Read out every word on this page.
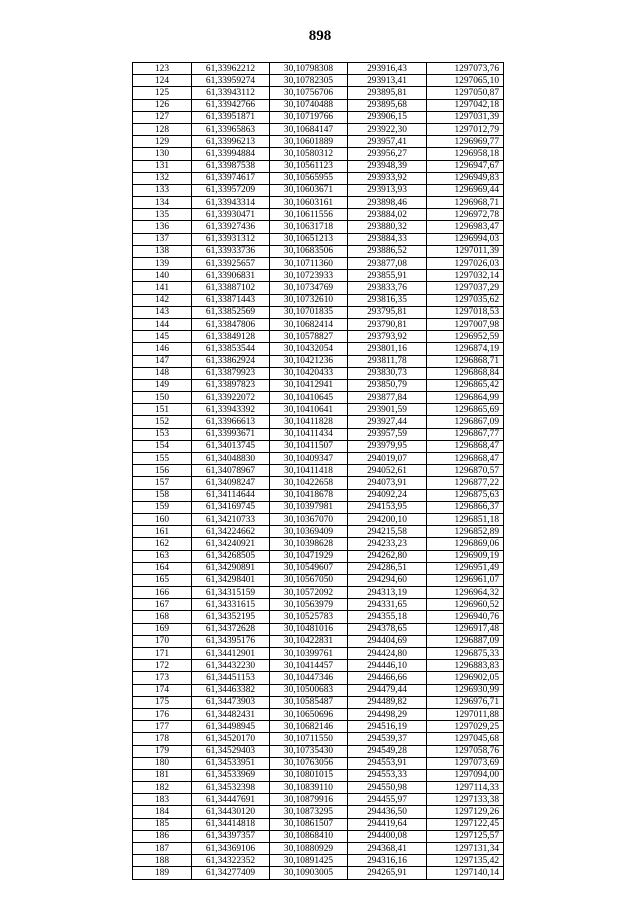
898
123	61,33962212	30,10798308	293916,43	1297073,76
124	61,33959274	30,10782305	293913,41	1297065,10
125	61,33943112	30,10756706	293895,81	1297050,87
126	61,33942766	30,10740488	293895,68	1297042,18
127	61,33951871	30,10719766	293906,15	1297031,39
128	61,33965863	30,10684147	293922,30	1297012,79
129	61,33996213	30,10601889	293957,41	1296969,77
130	61,33994884	30,10580312	293956,27	1296958,18
131	61,33987538	30,10561123	293948,39	1296947,67
132	61,33974617	30,10565955	293933,92	1296949,83
133	61,33957209	30,10603671	293913,93	1296969,44
134	61,33943314	30,10603161	293898,46	1296968,71
135	61,33930471	30,10611556	293884,02	1296972,78
136	61,33927436	30,10631718	293880,32	1296983,47
137	61,33931312	30,10651213	293884,33	1296994,03
138	61,33933736	30,10683506	293886,52	1297011,39
139	61,33925657	30,10711360	293877,08	1297026,03
140	61,33906831	30,10723933	293855,91	1297032,14
141	61,33887102	30,10734769	293833,76	1297037,29
142	61,33871443	30,10732610	293816,35	1297035,62
143	61,33852569	30,10701835	293795,81	1297018,53
144	61,33847806	30,10682414	293790,81	1297007,98
145	61,33849128	30,10578827	293793,92	1296952,59
146	61,33853544	30,10432054	293801,16	1296874,19
147	61,33862924	30,10421236	293811,78	1296868,71
148	61,33879923	30,10420433	293830,73	1296868,84
149	61,33897823	30,10412941	293850,79	1296865,42
150	61,33922072	30,10410645	293877,84	1296864,99
151	61,33943392	30,10410641	293901,59	1296865,69
152	61,33966613	30,10411828	293927,44	1296867,09
153	61,33993671	30,10411434	293957,59	1296867,77
154	61,34013745	30,10411507	293979,95	1296868,47
155	61,34048830	30,10409347	294019,07	1296868,47
156	61,34078967	30,10411418	294052,61	1296870,57
157	61,34098247	30,10422658	294073,91	1296877,22
158	61,34114644	30,10418678	294092,24	1296875,63
159	61,34169745	30,10397981	294153,95	1296866,37
160	61,34210733	30,10367070	294200,10	1296851,18
161	61,34224662	30,10369409	294215,58	1296852,89
162	61,34240921	30,10398628	294233,23	1296869,06
163	61,34268505	30,10471929	294262,80	1296909,19
164	61,34290891	30,10549607	294286,51	1296951,49
165	61,34298401	30,10567050	294294,60	1296961,07
166	61,34315159	30,10572092	294313,19	1296964,32
167	61,34331615	30,10563979	294331,65	1296960,52
168	61,34352195	30,10525783	294355,18	1296940,76
169	61,34372628	30,10481016	294378,65	1296917,48
170	61,34395176	30,10422831	294404,69	1296887,09
171	61,34412901	30,10399761	294424,80	1296875,33
172	61,34432230	30,10414457	294446,10	1296883,83
173	61,34451153	30,10447346	294466,66	1296902,05
174	61,34463382	30,10500683	294479,44	1296930,99
175	61,34473903	30,10585487	294489,82	1296976,71
176	61,34482431	30,10650696	294498,29	1297011,88
177	61,34498945	30,10682146	294516,19	1297029,25
178	61,34520170	30,10711550	294539,37	1297045,68
179	61,34529403	30,10735430	294549,28	1297058,76
180	61,34533951	30,10763056	294553,91	1297073,69
181	61,34533969	30,10801015	294553,33	1297094,00
182	61,34532398	30,10839110	294550,98	1297114,33
183	61,34447691	30,10879916	294455,97	1297133,38
184	61,34430120	30,10873295	294436,50	1297129,26
185	61,34414818	30,10861507	294419,64	1297122,45
186	61,34397357	30,10868410	294400,08	1297125,57
187	61,34369106	30,10880929	294368,41	1297131,34
188	61,34322352	30,10891425	294316,16	1297135,42
189	61,34277409	30,10903005	294265,91	1297140,14
